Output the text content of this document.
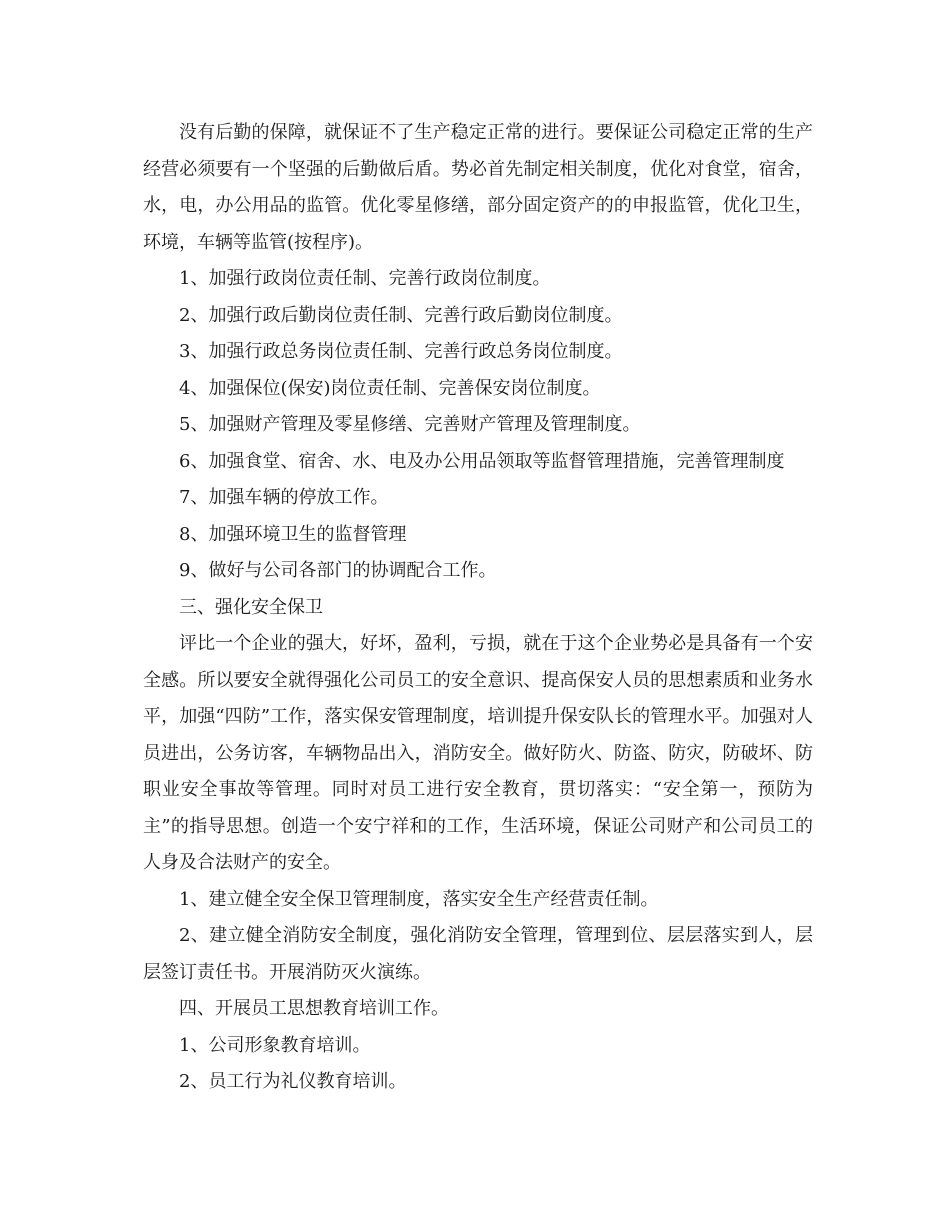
没有后勤的保障，就保证不了生产稳定正常的进行。要保证公司稳定正常的生产经营必须要有一个坚强的后勤做后盾。势必首先制定相关制度，优化对食堂，宿舍，水，电，办公用品的监管。优化零星修缮，部分固定资产的的申报监管，优化卫生，环境，车辆等监管(按程序)。

1、加强行政岗位责任制、完善行政岗位制度。

2、加强行政后勤岗位责任制、完善行政后勤岗位制度。

3、加强行政总务岗位责任制、完善行政总务岗位制度。

4、加强保位(保安)岗位责任制、完善保安岗位制度。

5、加强财产管理及零星修缮、完善财产管理及管理制度。

6、加强食堂、宿舍、水、电及办公用品领取等监督管理措施，完善管理制度

7、加强车辆的停放工作。

8、加强环境卫生的监督管理

9、做好与公司各部门的协调配合工作。

三、强化安全保卫

评比一个企业的强大，好坏，盈利，亏损，就在于这个企业势必是具备有一个安全感。所以要安全就得强化公司员工的安全意识、提高保安人员的思想素质和业务水平，加强“四防”工作，落实保安管理制度，培训提升保安队长的管理水平。加强对人员进出，公务访客，车辆物品出入，消防安全。做好防火、防盗、防灾，防破坏、防职业安全事故等管理。同时对员工进行安全教育，贯切落实：“安全第一，预防为主”的指导思想。创造一个安宁祥和的工作，生活环境，保证公司财产和公司员工的人身及合法财产的安全。

1、建立健全安全保卫管理制度，落实安全生产经营责任制。

2、建立健全消防安全制度，强化消防安全管理，管理到位、层层落实到人，层层签订责任书。开展消防灭火演练。

四、开展员工思想教育培训工作。

1、公司形象教育培训。

2、员工行为礼仪教育培训。
